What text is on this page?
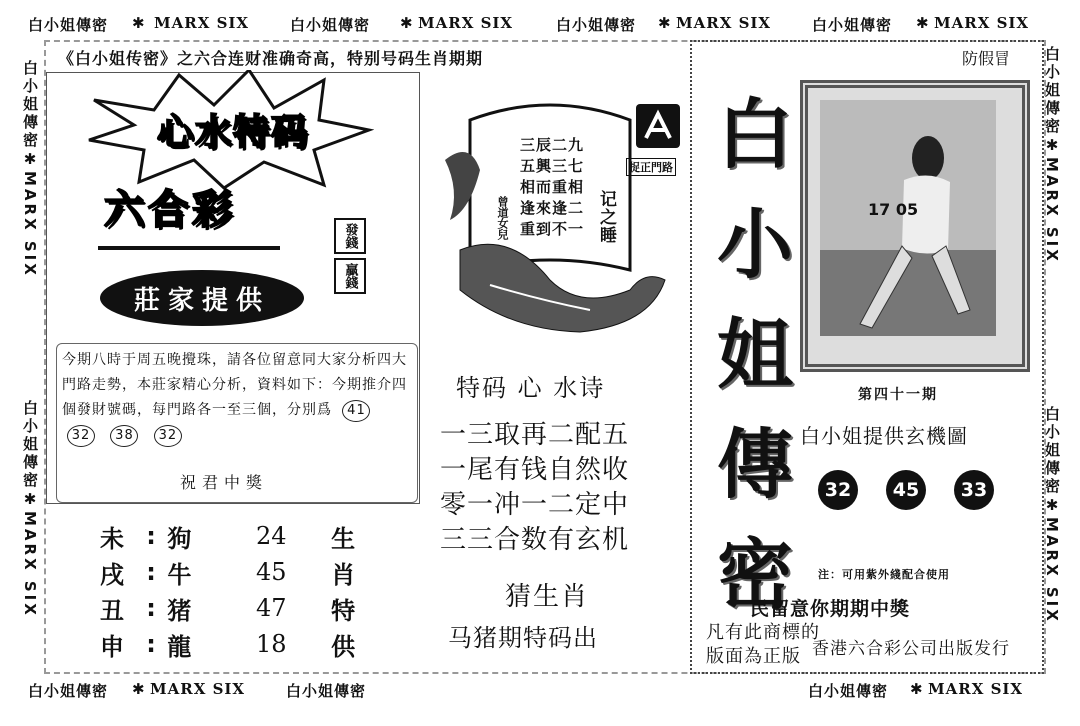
白小姐傳密 ✱ MARX SIX	白小姐傳密 ✱ MARX SIX	白小姐傳密 ✱ MARX SIX	白小姐傳密 ✱ MARX SIX
白小姐傳密 ✱ MARX SIX	白小姐傳密	白小姐傳密 ✱ MARX SIX
白小姐傳密✱MARX SIX
白小姐傳密✱MARX SIX
白小姐傳密✱MARX SIX
白小姐傳密✱MARX SIX
《白小姐传密》之六合连财准确奇高，特别号码生肖期期	防假冒
心水特码
六合彩
發錢
贏錢
莊家提供
今期八時于周五晚攪珠，請各位留意同大家分析四大門路走勢，本莊家精心分析，資料如下：今期推介四個發財號碼，每門路各一至三個，分別爲 41 32 38 32
祝君中獎
未 : 狗	24	生
戌 : 牛	45	肖
丑 : 猪	47	特
申 : 龍	18	供
三辰二九
五興三七
相而重相
逢來逢二
重到不一 记之睡
曾道女兒
捉正門路
特码 心 水诗
一三取再二配五
一尾有钱自然收
零一冲一二定中
三三合数有玄机
猜生肖
马猪期特码出
白
小
姐
傳
密
17 05
第四十一期
白小姐提供玄機圖
32	45	33
注：可用紫外綫配合使用
民留意你期期中獎
凡有此商標的
版面為正版 香港六合彩公司出版发行
